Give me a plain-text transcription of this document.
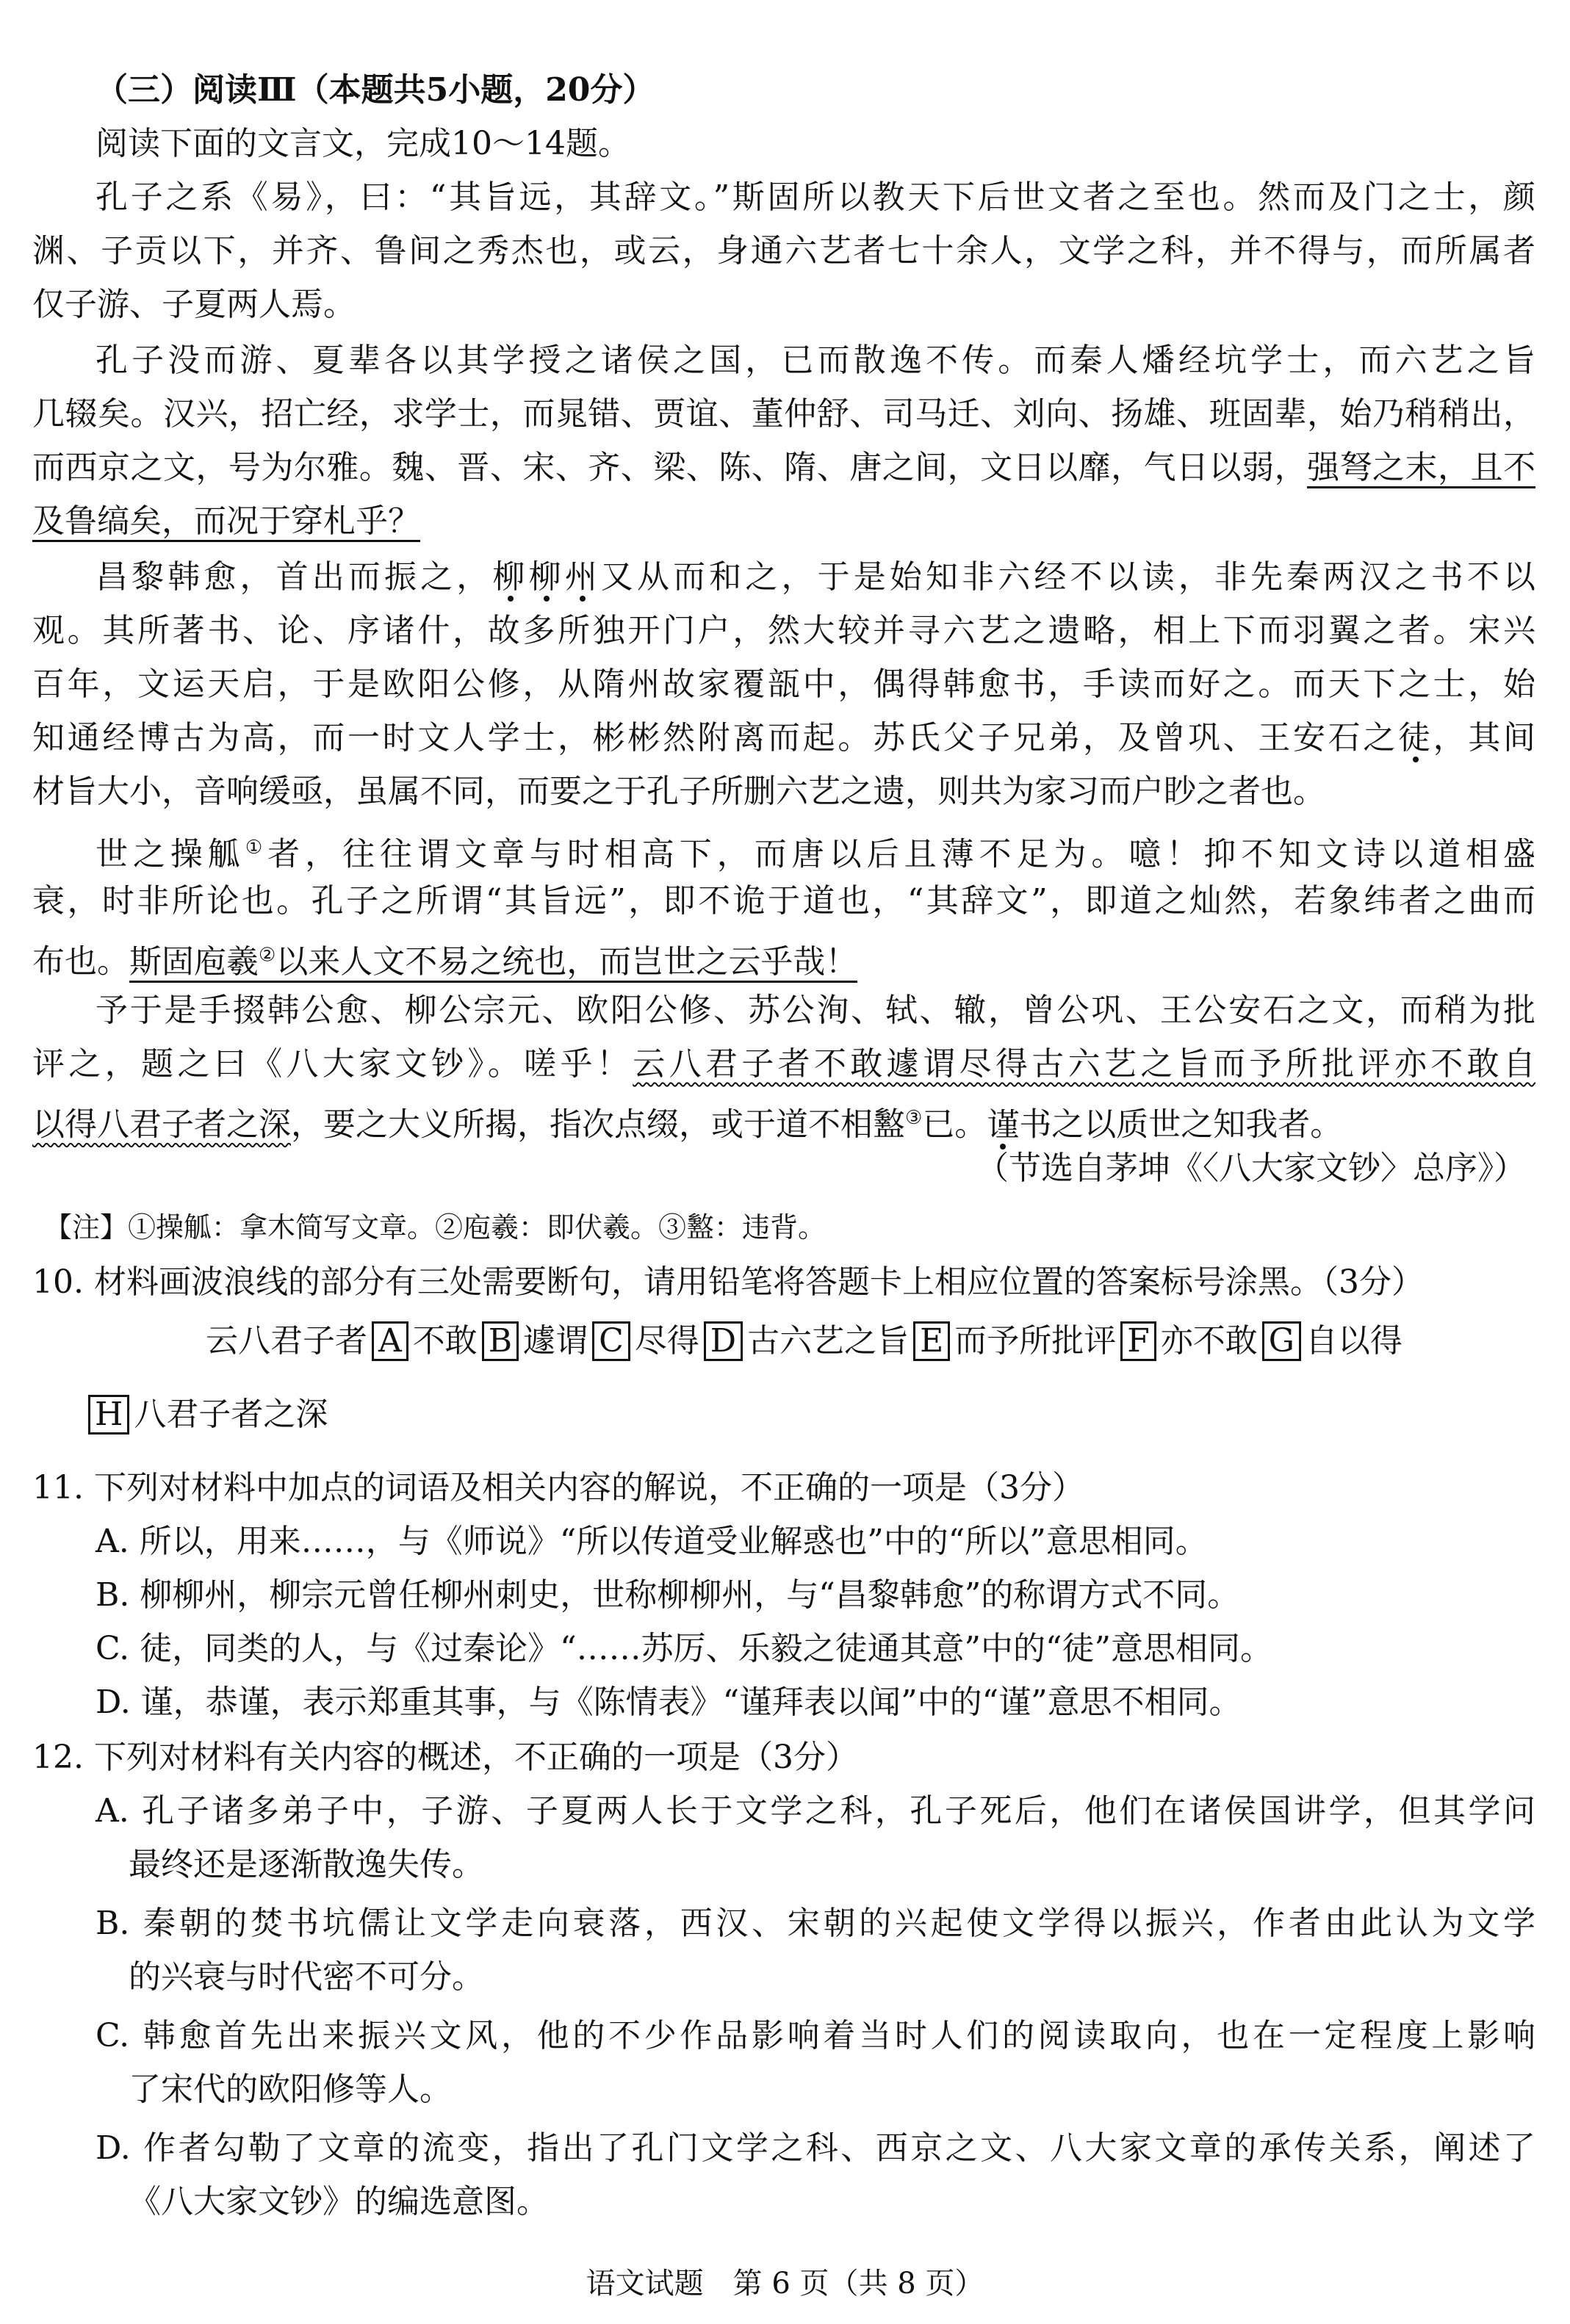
（三）阅读Ⅲ（本题共5小题，20分）
阅读下面的文言文，完成10～14题。
孔子之系《易》，曰：“其旨远，其辞文。”斯固所以教天下后世文者之至也。然而及门之士，颜
渊、子贡以下，并齐、鲁间之秀杰也，或云，身通六艺者七十余人，文学之科，并不得与，而所属者
仅子游、子夏两人焉。
孔子没而游、夏辈各以其学授之诸侯之国，已而散逸不传。而秦人燔经坑学士，而六艺之旨
几辍矣。汉兴，招亡经，求学士，而晁错、贾谊、董仲舒、司马迁、刘向、扬雄、班固辈，始乃稍稍出，
而西京之文，号为尔雅。魏、晋、宋、齐、梁、陈、隋、唐之间，文日以靡，气日以弱，强弩之末，且不
及鲁缟矣，而况于穿札乎？
昌黎韩愈，首出而振之，柳柳州又从而和之，于是始知非六经不以读，非先秦两汉之书不以
观。其所著书、论、序诸什，故多所独开门户，然大较并寻六艺之遗略，相上下而羽翼之者。宋兴
百年，文运天启，于是欧阳公修，从隋州故家覆瓿中，偶得韩愈书，手读而好之。而天下之士，始
知通经博古为高，而一时文人学士，彬彬然附离而起。苏氏父子兄弟，及曾巩、王安石之徒，其间
材旨大小，音响缓亟，虽属不同，而要之于孔子所删六艺之遗，则共为家习而户眇之者也。
世之操觚①者，往往谓文章与时相高下，而唐以后且薄不足为。噫！抑不知文诗以道相盛
衰，时非所论也。孔子之所谓“其旨远”，即不诡于道也，“其辞文”，即道之灿然，若象纬者之曲而
布也。斯固庖羲②以来人文不易之统也，而岂世之云乎哉！
予于是手掇韩公愈、柳公宗元、欧阳公修、苏公洵、轼、辙，曾公巩、王公安石之文，而稍为批
评之，题之曰《八大家文钞》。嗟乎！云八君子者不敢遽谓尽得古六艺之旨而予所批评亦不敢自
以得八君子者之深，要之大义所揭，指次点缀，或于道不相盭③已。谨书之以质世之知我者。
（节选自茅坤《〈八大家文钞〉总序》）
【注】①操觚：拿木简写文章。②庖羲：即伏羲。③盭：违背。
10. 材料画波浪线的部分有三处需要断句，请用铅笔将答题卡上相应位置的答案标号涂黑。（3分）
云八君子者 A 不敢 B 遽谓 C 尽得 D 古六艺之旨 E 而予所批评 F 亦不敢 G 自以得
H 八君子者之深
11. 下列对材料中加点的词语及相关内容的解说，不正确的一项是（3分）
A. 所以，用来……，与《师说》“所以传道受业解惑也”中的“所以”意思相同。
B. 柳柳州，柳宗元曾任柳州刺史，世称柳柳州，与“昌黎韩愈”的称谓方式不同。
C. 徒，同类的人，与《过秦论》“……苏厉、乐毅之徒通其意”中的“徒”意思相同。
D. 谨，恭谨，表示郑重其事，与《陈情表》“谨拜表以闻”中的“谨”意思不相同。
12. 下列对材料有关内容的概述，不正确的一项是（3分）
A. 孔子诸多弟子中，子游、子夏两人长于文学之科，孔子死后，他们在诸侯国讲学，但其学问
最终还是逐渐散逸失传。
B. 秦朝的焚书坑儒让文学走向衰落，西汉、宋朝的兴起使文学得以振兴，作者由此认为文学
的兴衰与时代密不可分。
C. 韩愈首先出来振兴文风，他的不少作品影响着当时人们的阅读取向，也在一定程度上影响
了宋代的欧阳修等人。
D. 作者勾勒了文章的流变，指出了孔门文学之科、西京之文、八大家文章的承传关系，阐述了
《八大家文钞》的编选意图。
语文试题　第 6 页（共 8 页）
